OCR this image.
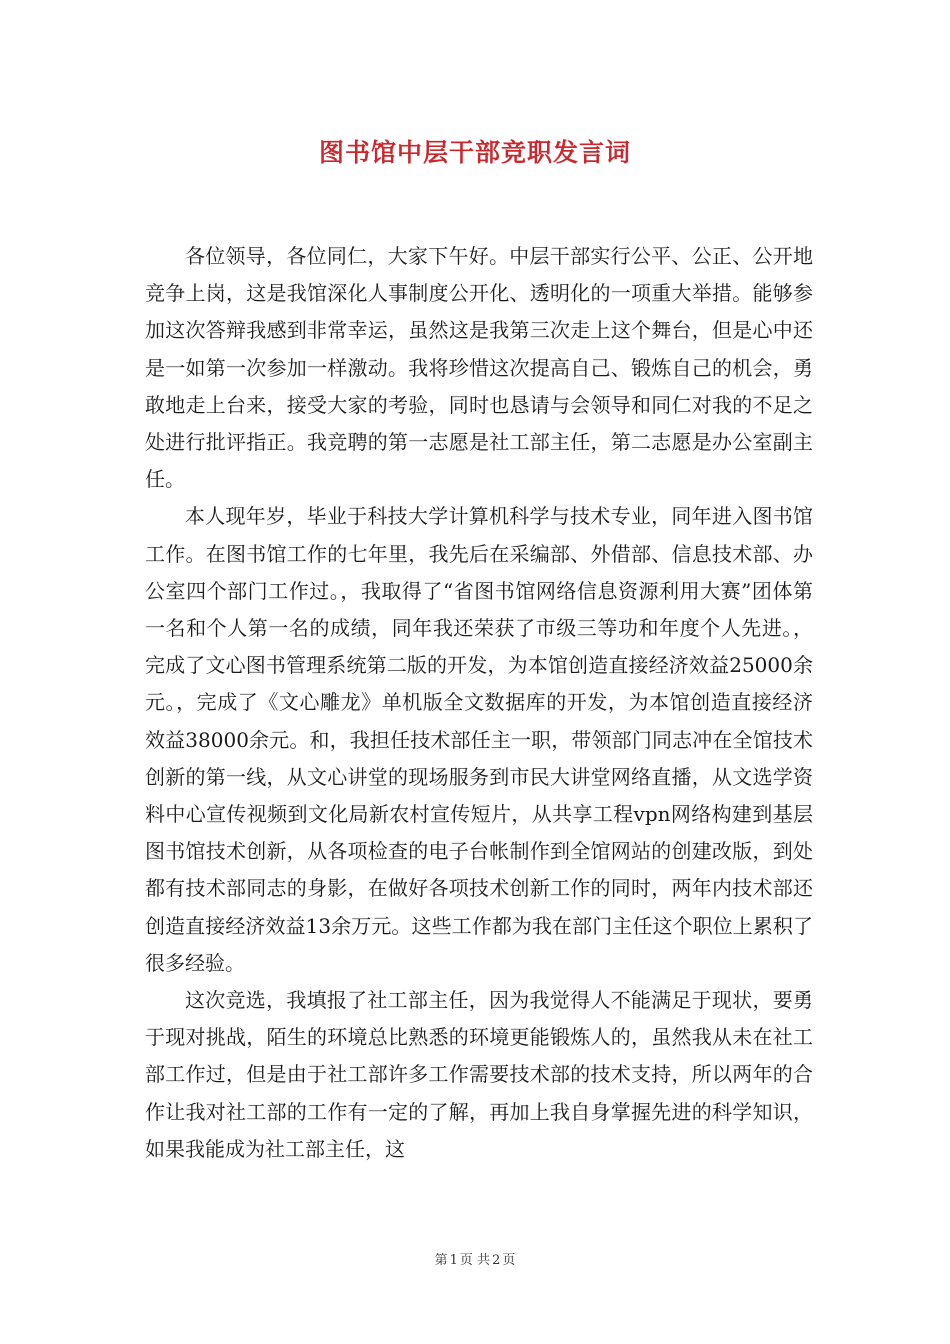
图书馆中层干部竞职发言词

各位领导，各位同仁，大家下午好。中层干部实行公平、公正、公开地竞争上岗，这是我馆深化人事制度公开化、透明化的一项重大举措。能够参加这次答辩我感到非常幸运，虽然这是我第三次走上这个舞台，但是心中还是一如第一次参加一样激动。我将珍惜这次提高自己、锻炼自己的机会，勇敢地走上台来，接受大家的考验，同时也恳请与会领导和同仁对我的不足之处进行批评指正。我竞聘的第一志愿是社工部主任，第二志愿是办公室副主任。

本人现年岁，毕业于科技大学计算机科学与技术专业，同年进入图书馆工作。在图书馆工作的七年里，我先后在采编部、外借部、信息技术部、办公室四个部门工作过。，我取得了“省图书馆网络信息资源利用大赛”团体第一名和个人第一名的成绩，同年我还荣获了市级三等功和年度个人先进。，完成了文心图书管理系统第二版的开发，为本馆创造直接经济效益25000余元。，完成了《文心雕龙》单机版全文数据库的开发，为本馆创造直接经济效益38000余元。和，我担任技术部任主一职，带领部门同志冲在全馆技术创新的第一线，从文心讲堂的现场服务到市民大讲堂网络直播，从文选学资料中心宣传视频到文化局新农村宣传短片，从共享工程vpn网络构建到基层图书馆技术创新，从各项检查的电子台帐制作到全馆网站的创建改版，到处都有技术部同志的身影，在做好各项技术创新工作的同时，两年内技术部还创造直接经济效益13余万元。这些工作都为我在部门主任这个职位上累积了很多经验。

这次竞选，我填报了社工部主任，因为我觉得人不能满足于现状，要勇于现对挑战，陌生的环境总比熟悉的环境更能锻炼人的，虽然我从未在社工部工作过，但是由于社工部许多工作需要技术部的技术支持，所以两年的合作让我对社工部的工作有一定的了解，再加上我自身掌握先进的科学知识，如果我能成为社工部主任，这

第 1 页 共 2 页
